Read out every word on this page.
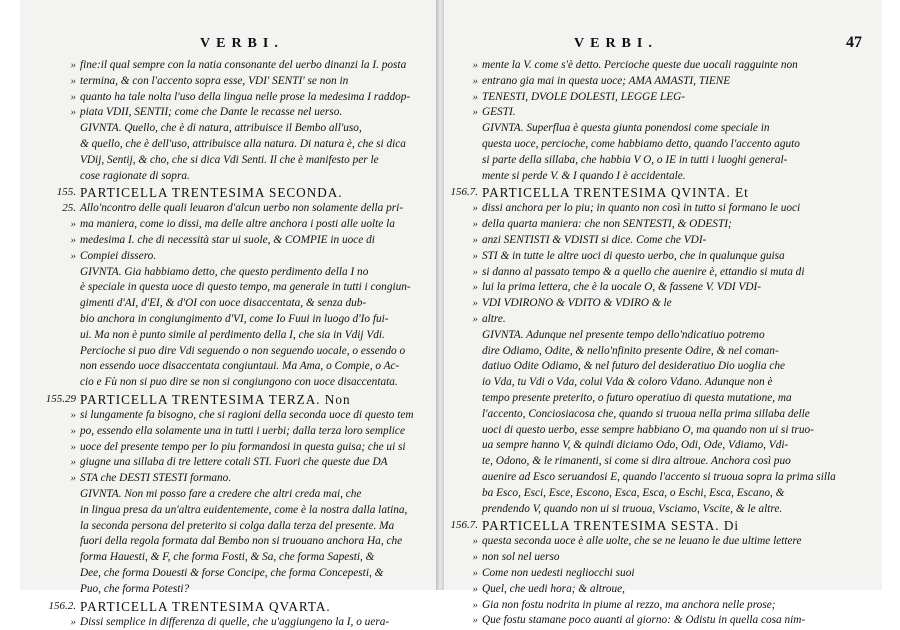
VERBI.
» fine:il qual sempre con la natia consonante del uerbo dinanzi la I. posta
» termina, & con l'accento sopra esse, VDI' SENTI' se non in
» quanto ha tale nolta l'uso della lingua nelle prose la medesima I raddop-
» piata VDII, SENTII; come che Dante le recasse nel uerso.
GIVNTA. Quello, che è di natura, attribuisce il Bembo all'uso,
& quello, che è dell'uso, attribuisce alla natura. Di natura è, che si dica
VDij, Sentij, & cho, che si dica Vdi Senti. Il che è manifesto per le
cose ragionate di sopra.
155. PARTICELLA TRENTESIMA SECONDA.
25. Allo'ncontro delle quali leuaron d'alcun uerbo non solamente della pri-
» ma maniera, come io dissi, ma delle altre anchora i posti alle uolte la
» medesima I. che di necessità star ui suole, & COMPIE in uoce di
» Compiei dissero.
GIVNTA. Gia habbiamo detto, che questo perdimento della I no
è speciale in questa uoce di questo tempo, ma generale in tutti i congiun-
gimenti d'AI, d'EI, & d'OI con uoce disaccentata, & senza dub-
bio anchora in congiungimento d'VI, come Io Fuui in luogo d'Io fui-
ui. Ma non è punto simile al perdimento della I, che sia in Vdij Vdi.
Percioche si puo dire Vdi seguendo o non seguendo uocale, o essendo o
non essendo uoce disaccentata congiuntaui. Ma Ama, o Compie, o Ac-
cio e Fù non si puo dire se non si congiungono con uoce disaccentata.
155.29 PARTICELLA TRENTESIMA TERZA. Non
» si lungamente fa bisogno, che si ragioni della seconda uoce di questo tem
» po, essendo ella solamente una in tutti i uerbi; dalla terza loro semplice
» uoce del presente tempo per lo piu formandosi in questa guisa; che ui si
» giugne una sillaba di tre lettere cotali STI. Fuori che queste due DA
» STA che DESTI STESTI formano.
GIVNTA. Non mi posso fare a credere che altri creda mai, che
in lingua presa da un'altra euidentemente, come è la nostra dalla latina,
la seconda persona del preterito si colga dalla terza del presente. Ma
fuori della regola formata dal Bembo non si truouano anchora Ha, che
forma Hauesti, & F, che forma Fosti, & Sa, che forma Sapesti, &
Dee, che forma Douesti & forse Concipe, che forma Concepesti, &
Puo, che forma Potesti?
156.2. PARTICELLA TRENTESIMA QVARTA.
» Dissi semplice in differenza di quelle, che u'aggiungeno la I, o uera-
VERBI.	47
» mente la V. come s'è detto. Percioche queste due uocali ragguinte non
» entrano gia mai in questa uoce; AMA AMASTI, TIENE
» TENESTI, DVOLE DOLESTI, LEGGE LEG-
» GESTI.
GIVNTA. Superflua è questa giunta ponendosi come speciale in
questa uoce, percioche, come habbiamo detto, quando l'accento aguto
si parte della sillaba, che habbia V O, o IE in tutti i luoghi general-
mente si perde V. & I quando I è accidentale.
156.7. PARTICELLA TRENTESIMA QVINTA. Et
» dissi anchora per lo piu; in quanto non così in tutto si formano le uoci
» della quarta maniera: che non SENTESTI, & ODESTI;
» anzi SENTISTI & VDISTI si dice. Come che VDI-
» STI & in tutte le altre uoci di questo uerbo, che in qualunque guisa
» si danno al passato tempo & a quello che auenire è, ettandio si muta di
» lui la prima lettera, che è la uocale O, & fassene V. VDI VDI-
» VDI VDIRONO & VDITO & VDIRO & le
» altre.
GIVNTA. Adunque nel presente tempo dello'ndicatiuo potremo
dire Odiamo, Odite, & nello'nfinito presente Odire, & nel coman-
datiuo Odite Odiamo, & nel futuro del desideratiuo Dio uoglia che
io Vda, tu Vdi o Vda, colui Vda & coloro Vdano. Adunque non è
tempo presente preterito, o futuro operatiuo di questa mutatione, ma
l'accento, Conciosiacosa che, quando si truoua nella prima sillaba delle
uoci di questo uerbo, esse sempre habbiano O, ma quando non ui si truo-
ua sempre hanno V, & quindi diciamo Odo, Odi, Ode, Vdiamo, Vdi-
te, Odono, & le rimanenti, si come si dira altroue. Anchora così puo
auenire ad Esco seruandosi E, quando l'accento si truoua sopra la prima silla
ba Esco, Esci, Esce, Escono, Esca, Esca, o Eschi, Esca, Escano, &
prendendo V, quando non ui si truoua, Vsciamo, Vscite, & le altre.
156.7. PARTICELLA TRENTESIMA SESTA. Di
» questa seconda uoce è alle uolte, che se ne leuano le due ultime lettere
» non sol nel uerso
» Come non uedesti negliocchi suoi
» Quel, che uedi hora; & altroue,
» Gia non fostu nodrita in piume al rezzo, ma anchora nelle prose;
» Que fostu stamane poco auanti al giorno: & Odistu in quella cosa nim-
